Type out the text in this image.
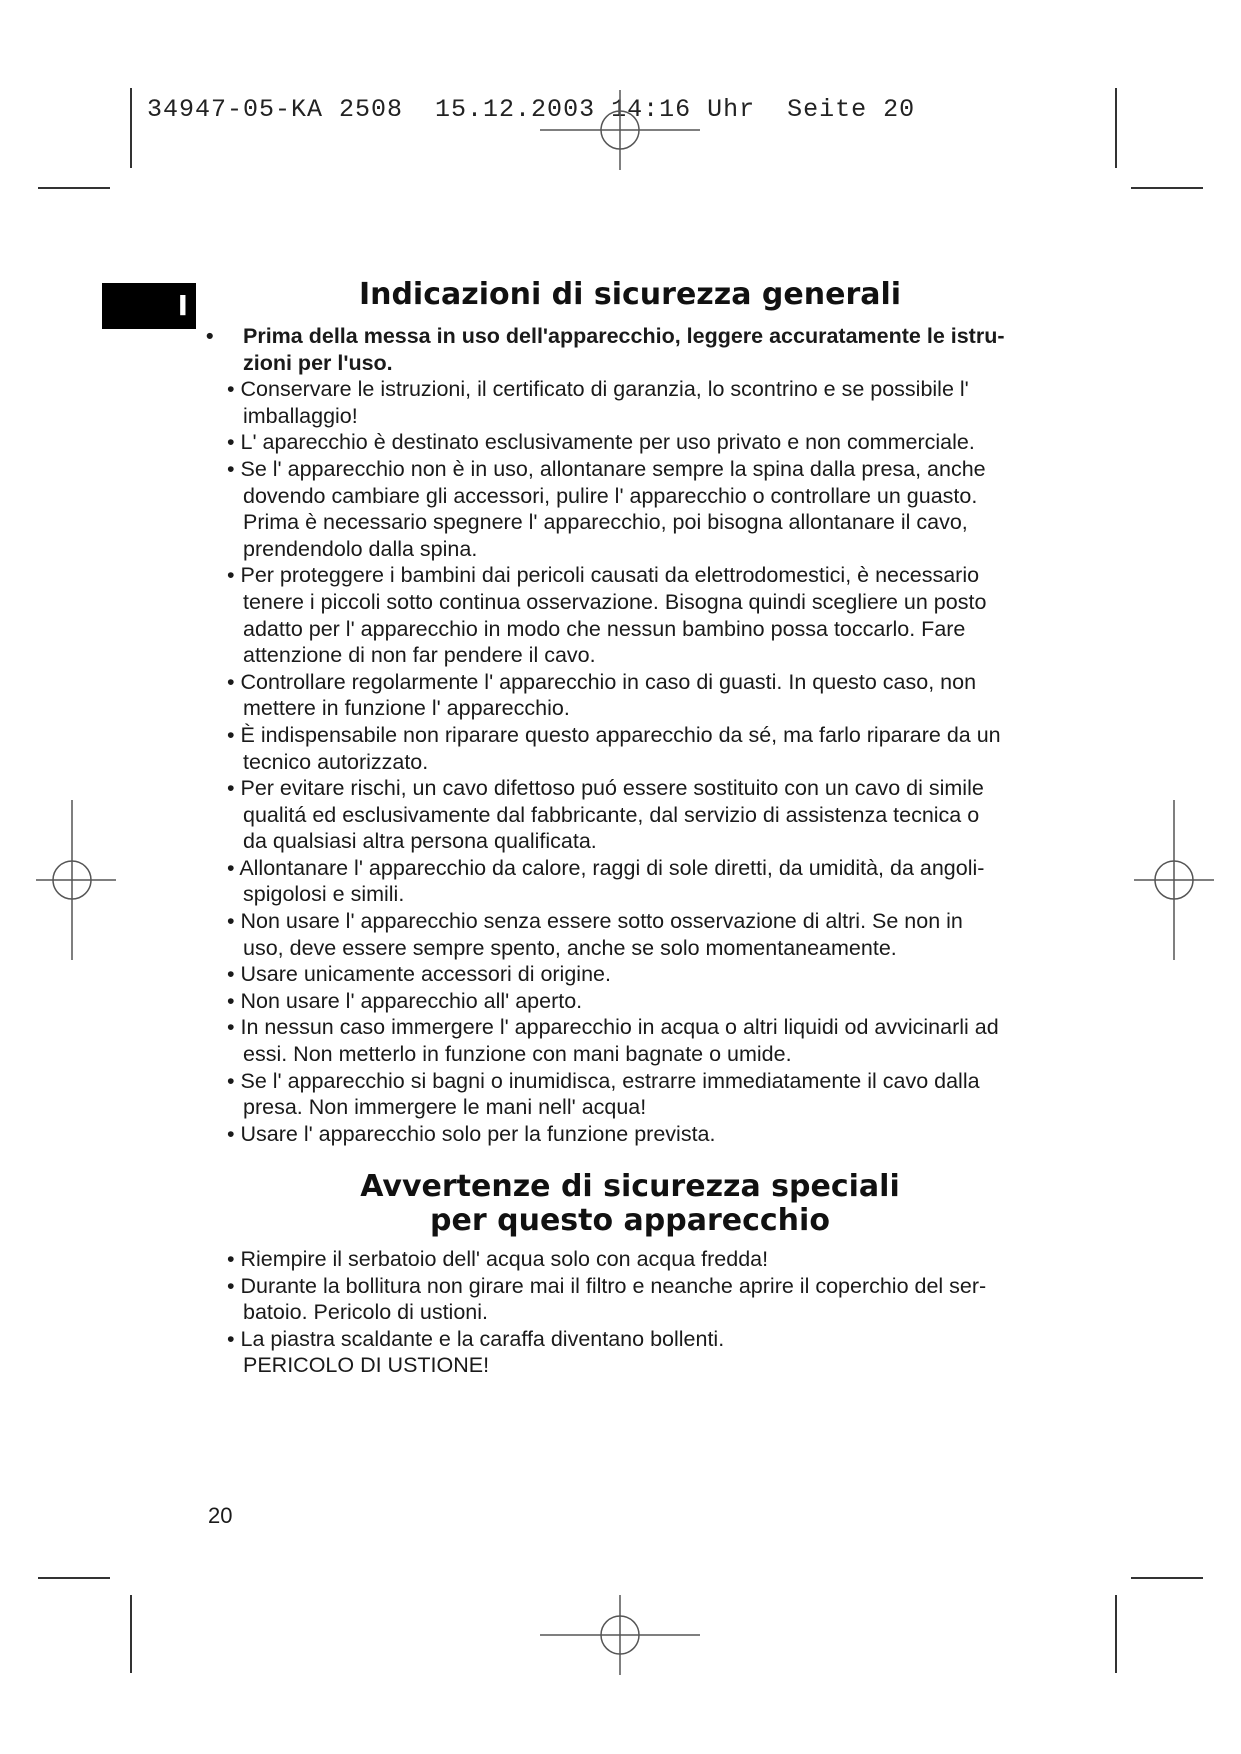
34947-05-KA 2508  15.12.2003 14:16 Uhr  Seite 20
I	Indicazioni di sicurezza generali
• Prima della messa in uso dell'apparecchio, leggere accuratamente le istru-
zioni per l'uso.
• Conservare le istruzioni, il certificato di garanzia, lo scontrino e se possibile l'
imballaggio!
• L' aparecchio è destinato esclusivamente per uso privato e non commerciale.
• Se l' apparecchio non è in uso, allontanare sempre la spina dalla presa, anche
dovendo cambiare gli accessori, pulire l' apparecchio o controllare un guasto.
Prima è necessario spegnere l' apparecchio, poi bisogna allontanare il cavo,
prendendolo dalla spina.
• Per proteggere i bambini dai pericoli causati da elettrodomestici, è necessario
tenere i piccoli sotto continua osservazione. Bisogna quindi scegliere un posto
adatto per l' apparecchio in modo che nessun bambino possa toccarlo. Fare
attenzione di non far pendere il cavo.
• Controllare regolarmente l' apparecchio in caso di guasti. In questo caso, non
mettere in funzione l' apparecchio.
• È indispensabile non riparare questo apparecchio da sé, ma farlo riparare da un
tecnico autorizzato.
• Per evitare rischi, un cavo difettoso puó essere sostituito con un cavo di simile
qualitá ed esclusivamente dal fabbricante, dal servizio di assistenza tecnica o
da qualsiasi altra persona qualificata.
• Allontanare l' apparecchio da calore, raggi di sole diretti, da umidità, da angoli-
spigolosi e simili.
• Non usare l' apparecchio senza essere sotto osservazione di altri. Se non in
uso, deve essere sempre spento, anche se solo momentaneamente.
• Usare unicamente accessori di origine.
• Non usare l' apparecchio all' aperto.
• In nessun caso immergere l' apparecchio in acqua o altri liquidi od avvicinarli ad
essi. Non metterlo in funzione con mani bagnate o umide.
• Se l' apparecchio si bagni o inumidisca, estrarre immediatamente il cavo dalla
presa. Non immergere le mani nell' acqua!
• Usare l' apparecchio solo per la funzione prevista.
Avvertenze di sicurezza speciali
per questo apparecchio
• Riempire il serbatoio dell' acqua solo con acqua fredda!
• Durante la bollitura non girare mai il filtro e neanche aprire il coperchio del ser-
batoio. Pericolo di ustioni.
• La piastra scaldante e la caraffa diventano bollenti.
PERICOLO DI USTIONE!
20
